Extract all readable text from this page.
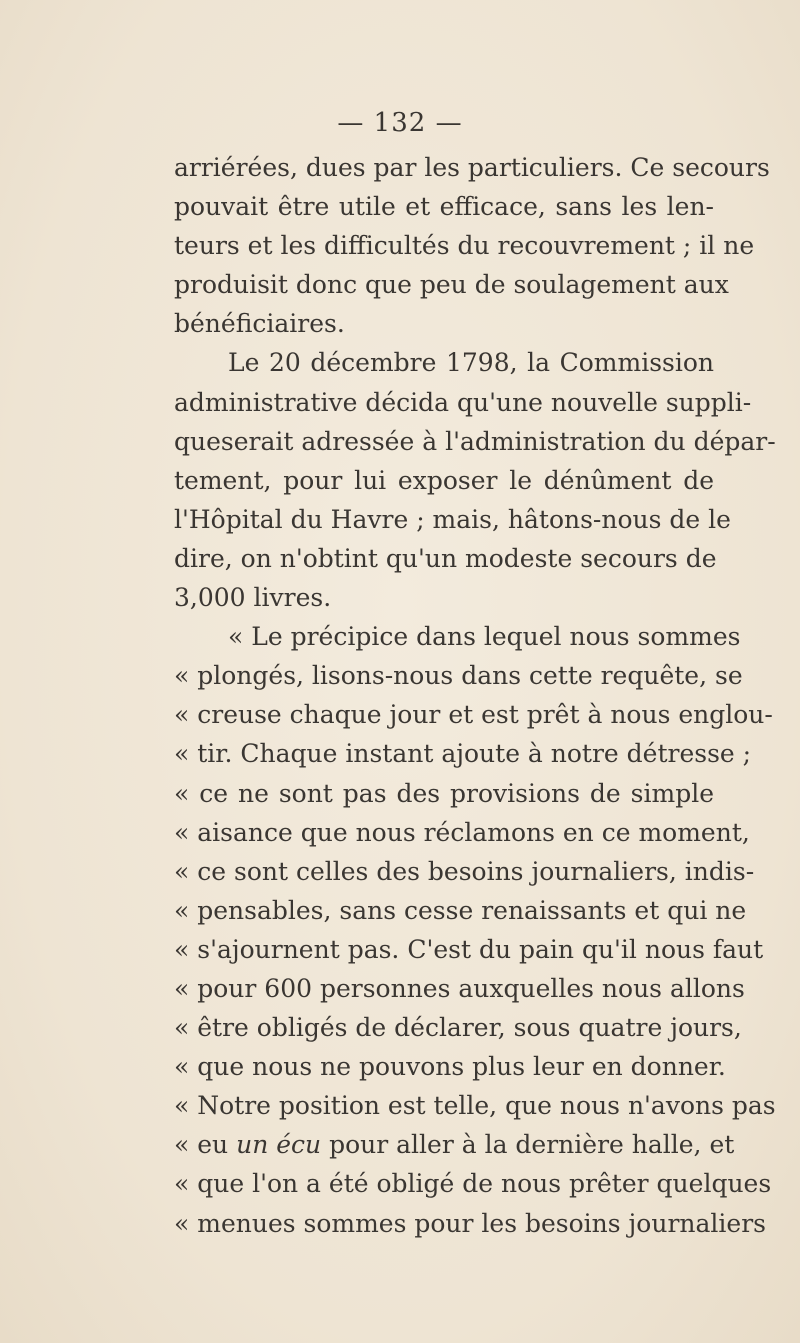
— 132 —
arriérées, dues par les particuliers. Ce secours
pouvait être utile et efficace, sans les len-
teurs et les difficultés du recouvrement ; il ne
produisit donc que peu de soulagement aux
bénéficiaires.
Le 20 décembre 1798, la Commission
administrative décida qu'une nouvelle suppli-
queserait adressée à l'administration du dépar-
tement, pour lui exposer le dénûment de
l'Hôpital du Havre ; mais, hâtons-nous de le
dire, on n'obtint qu'un modeste secours de
3,000 livres.
« Le précipice dans lequel nous sommes
« plongés, lisons-nous dans cette requête, se
« creuse chaque jour et est prêt à nous englou-
« tir. Chaque instant ajoute à notre détresse ;
« ce ne sont pas des provisions de simple
« aisance que nous réclamons en ce moment,
« ce sont celles des besoins journaliers, indis-
« pensables, sans cesse renaissants et qui ne
« s'ajournent pas. C'est du pain qu'il nous faut
« pour 600 personnes auxquelles nous allons
« être obligés de déclarer, sous quatre jours,
« que nous ne pouvons plus leur en donner.
« Notre position est telle, que nous n'avons pas
« eu un écu pour aller à la dernière halle, et
« que l'on a été obligé de nous prêter quelques
« menues sommes pour les besoins journaliers
